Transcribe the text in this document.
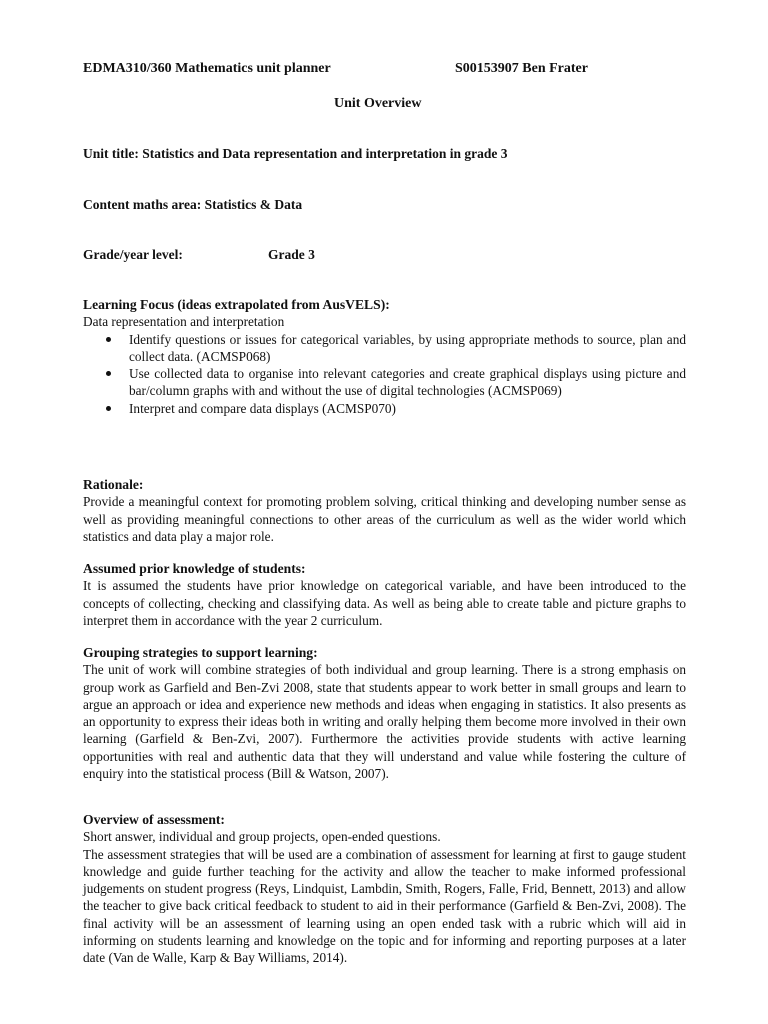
EDMA310/360 Mathematics unit planner	S00153907 Ben Frater
Unit Overview
Unit title: Statistics and Data representation and interpretation in grade 3
Content maths area: Statistics & Data
Grade/year level:	Grade 3

Learning Focus (ideas extrapolated from AusVELS):

Data representation and interpretation

Identify questions or issues for categorical variables, by using appropriate methods to source, plan and collect data. (ACMSP068)
Use collected data to organise into relevant categories and create graphical displays using picture and bar/column graphs with and without the use of digital technologies (ACMSP069)
Interpret and compare data displays (ACMSP070)

Rationale:

Provide a meaningful context for promoting problem solving, critical thinking and developing number sense as well as providing meaningful connections to other areas of the curriculum as well as the wider world which statistics and data play a major role.

Assumed prior knowledge of students:

It is assumed the students have prior knowledge on categorical variable, and have been introduced to the concepts of collecting, checking and classifying data. As well as being able to create table and picture graphs to interpret them in accordance with the year 2 curriculum.

Grouping strategies to support learning:

The unit of work will combine strategies of both individual and group learning. There is a strong emphasis on group work as Garfield and Ben-Zvi 2008, state that students appear to work better in small groups and learn to argue an approach or idea and experience new methods and ideas when engaging in statistics. It also presents as an opportunity to express their ideas both in writing and orally helping them become more involved in their own learning (Garfield & Ben-Zvi, 2007). Furthermore the activities provide students with active learning opportunities with real and authentic data that they will understand and value while fostering the culture of enquiry into the statistical process (Bill & Watson, 2007).

Overview of assessment:

Short answer, individual and group projects, open-ended questions.

The assessment strategies that will be used are a combination of assessment for learning at first to gauge student knowledge and guide further teaching for the activity and allow the teacher to make informed professional judgements on student progress (Reys, Lindquist, Lambdin, Smith, Rogers, Falle, Frid, Bennett, 2013) and allow the teacher to give back critical feedback to student to aid in their performance (Garfield & Ben-Zvi, 2008). The final activity will be an assessment of learning using an open ended task with a rubric which will aid in informing on students learning and knowledge on the topic and for informing and reporting purposes at a later date (Van de Walle, Karp & Bay Williams, 2014).
